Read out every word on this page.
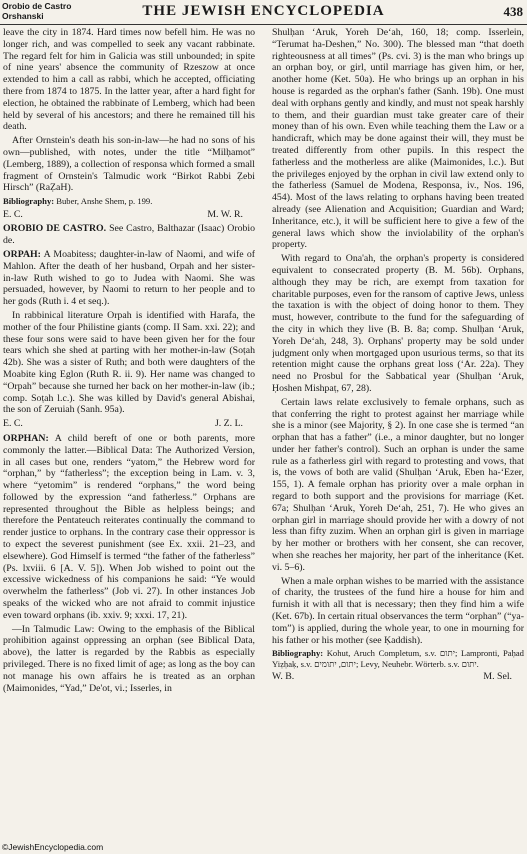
Orobio de Castro
Orshanski	THE JEWISH ENCYCLOPEDIA	438

leave the city in 1874. Hard times now befell him. He was no longer rich, and was compelled to seek any vacant rabbinate. The regard felt for him in Galicia was still unbounded; in spite of nine years' absence the community of Rzeszow at once extended to him a call as rabbi, which he accepted, officiating there from 1874 to 1875. In the latter year, after a hard fight for election, he obtained the rabbinate of Lemberg, which had been held by several of his ancestors; and there he remained till his death.

After Ornstein's death his son-in-law—he had no sons of his own—published, with notes, under the title “Milḥamot” (Lemberg, 1889), a collection of responsa which formed a small fragment of Ornstein's Talmudic work “Birkot Rabbi Ẓebi Hirsch” (RaẒaH).

Bibliography: Buber, Anshe Shem, p. 199.

E. C.	M. W. R.

OROBIO DE CASTRO. See Castro, Balthazar (Isaac) Orobio de.

ORPAH: A Moabitess; daughter-in-law of Naomi, and wife of Mahlon. After the death of her husband, Orpah and her sister-in-law Ruth wished to go to Judea with Naomi. She was persuaded, however, by Naomi to return to her people and to her gods (Ruth i. 4 et seq.).

In rabbinical literature Orpah is identified with Harafa, the mother of the four Philistine giants (comp. II Sam. xxi. 22); and these four sons were said to have been given her for the four tears which she shed at parting with her mother-in-law (Soṭah 42b). She was a sister of Ruth; and both were daughters of the Moabite king Eglon (Ruth R. ii. 9). Her name was changed to “Orpah” because she turned her back on her mother-in-law (ib.; comp. Soṭah l.c.). She was killed by David's general Abishai, the son of Zeruiah (Sanh. 95a).

E. C.	J. Z. L.

ORPHAN: A child bereft of one or both parents, more commonly the latter.—Biblical Data: The Authorized Version, in all cases but one, renders “yatom,” the Hebrew word for “orphan,” by “fatherless”; the exception being in Lam. v. 3, where “yetomim” is rendered “orphans,” the word being followed by the expression “and fatherless.” Orphans are represented throughout the Bible as helpless beings; and therefore the Pentateuch reiterates continually the command to render justice to orphans. In the contrary case their oppressor is to expect the severest punishment (see Ex. xxii. 21–23, and elsewhere). God Himself is termed “the father of the fatherless” (Ps. lxviii. 6 [A. V. 5]). When Job wished to point out the excessive wickedness of his companions he said: “Ye would overwhelm the fatherless” (Job vi. 27). In other instances Job speaks of the wicked who are not afraid to commit injustice even toward orphans (ib. xxiv. 9; xxxi. 17, 21).

—In Talmudic Law: Owing to the emphasis of the Biblical prohibition against oppressing an orphan (see Biblical Data, above), the latter is regarded by the Rabbis as especially privileged. There is no fixed limit of age; as long as the boy can not manage his own affairs he is treated as an orphan (Maimonides, “Yad,” De'ot, vi.; Isserles, in

Shulḥan ‘Aruk, Yoreh De‘ah, 160, 18; comp. Isserlein, “Terumat ha-Deshen,” No. 300). The blessed man “that doeth righteousness at all times” (Ps. cvi. 3) is the man who brings up an orphan boy, or girl, until marriage has given him, or her, another home (Ket. 50a). He who brings up an orphan in his house is regarded as the orphan's father (Sanh. 19b). One must deal with orphans gently and kindly, and must not speak harshly to them, and their guardian must take greater care of their money than of his own. Even while teaching them the Law or a handicraft, which may be done against their will, they must be treated differently from other pupils. In this respect the fatherless and the motherless are alike (Maimonides, l.c.). But the privileges enjoyed by the orphan in civil law extend only to the fatherless (Samuel de Modena, Responsa, iv., Nos. 196, 454). Most of the laws relating to orphans having been treated already (see Alienation and Acquisition; Guardian and Ward; Inheritance, etc.), it will be sufficient here to give a few of the general laws which show the inviolability of the orphan's property.

With regard to Ona'ah, the orphan's property is considered equivalent to consecrated property (B. M. 56b). Orphans, although they may be rich, are exempt from taxation for charitable purposes, even for the ransom of captive Jews, unless the taxation is with the object of doing honor to them. They must, however, contribute to the fund for the safeguarding of the city in which they live (B. B. 8a; comp. Shulḥan ‘Aruk, Yoreh De‘ah, 248, 3). Orphans' property may be sold under judgment only when mortgaged upon usurious terms, so that its retention might cause the orphans great loss (‘Ar. 22a). They need no Prosbul for the Sabbatical year (Shulḥan ‘Aruk, Ḥoshen Mishpaṭ, 67, 28).

Certain laws relate exclusively to female orphans, such as that conferring the right to protest against her marriage while she is a minor (see Majority, § 2). In one case she is termed “an orphan that has a father” (i.e., a minor daughter, but no longer under her father's control). Such an orphan is under the same rule as a fatherless girl with regard to protesting and vows, that is, the vows of both are valid (Shulḥan ‘Aruk, Eben ha-‘Ezer, 155, 1). A female orphan has priority over a male orphan in regard to both support and the provisions for marriage (Ket. 67a; Shulḥan ‘Aruk, Yoreh De‘ah, 251, 7). He who gives an orphan girl in marriage should provide her with a dowry of not less than fifty zuzim. When an orphan girl is given in marriage by her mother or brothers with her consent, she can recover, when she reaches her majority, her part of the inheritance (Ket. vi. 5–6).

When a male orphan wishes to be married with the assistance of charity, the trustees of the fund hire a house for him and furnish it with all that is necessary; then they find him a wife (Ket. 67b). In certain ritual observances the term “orphan” (“ya-tom”) is applied, during the whole year, to one in mourning for his father or his mother (see Ḳaddish).

Bibliography: Kohut, Aruch Completum, s.v. יתום; Lampronti, Paḥad Yiẓḥaḳ, s.v. יתום, יתומים; Levy, Neuhebr. Wörterb. s.v. יתום.

W. B.	M. Sel.
©JewishEncyclopedia.com
